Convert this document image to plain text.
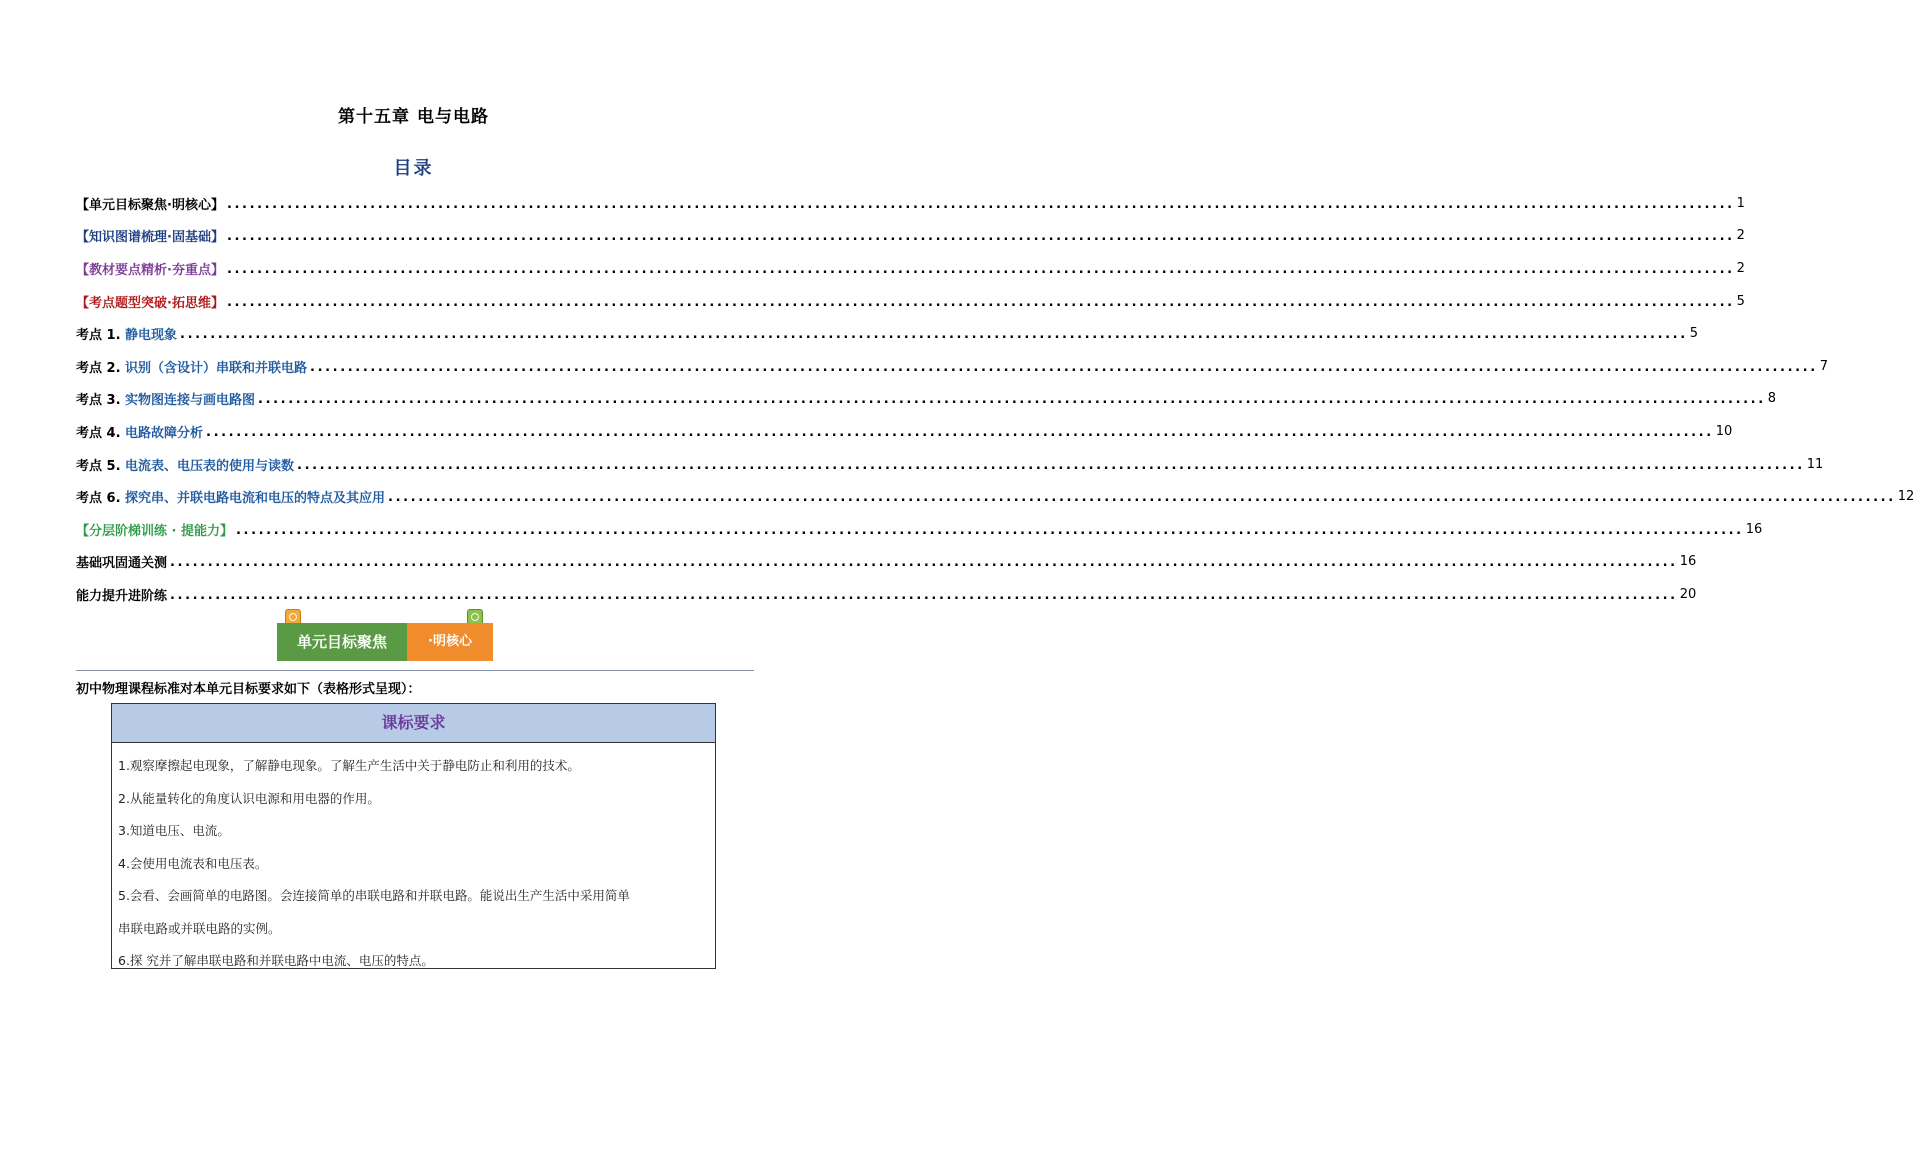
第十五章 电与电路
目录
【单元目标聚焦·明核心】 ........................................................................................................................................................................................................ 1
【知识图谱梳理·固基础】 ........................................................................................................................................................................................................ 2
【教材要点精析·夯重点】 ........................................................................................................................................................................................................ 2
【考点题型突破·拓思维】 ........................................................................................................................................................................................................ 5
考点 1. 静电现象 ........................................................................................................................................................................................................ 5
考点 2. 识别（含设计）串联和并联电路 ........................................................................................................................................................................................................ 7
考点 3. 实物图连接与画电路图 ........................................................................................................................................................................................................ 8
考点 4. 电路故障分析 ........................................................................................................................................................................................................ 10
考点 5. 电流表、电压表的使用与读数 ........................................................................................................................................................................................................ 11
考点 6. 探究串、并联电路电流和电压的特点及其应用 ........................................................................................................................................................................................................ 12
【分层阶梯训练 · 提能力】 ........................................................................................................................................................................................................ 16
基础巩固通关测 ........................................................................................................................................................................................................ 16
能力提升进阶练 ........................................................................................................................................................................................................ 20
单元目标聚焦	·明核心
初中物理课程标准对本单元目标要求如下（表格形式呈现）：
课标要求
1.观察摩擦起电现象，了解静电现象。了解生产生活中关于静电防止和利用的技术。
2.从能量转化的角度认识电源和用电器的作用。
3.知道电压、电流。
4.会使用电流表和电压表。
5.会看、会画简单的电路图。会连接简单的串联电路和并联电路。能说出生产生活中采用简单
串联电路或并联电路的实例。
6.探 究并了解串联电路和并联电路中电流、电压的特点。
